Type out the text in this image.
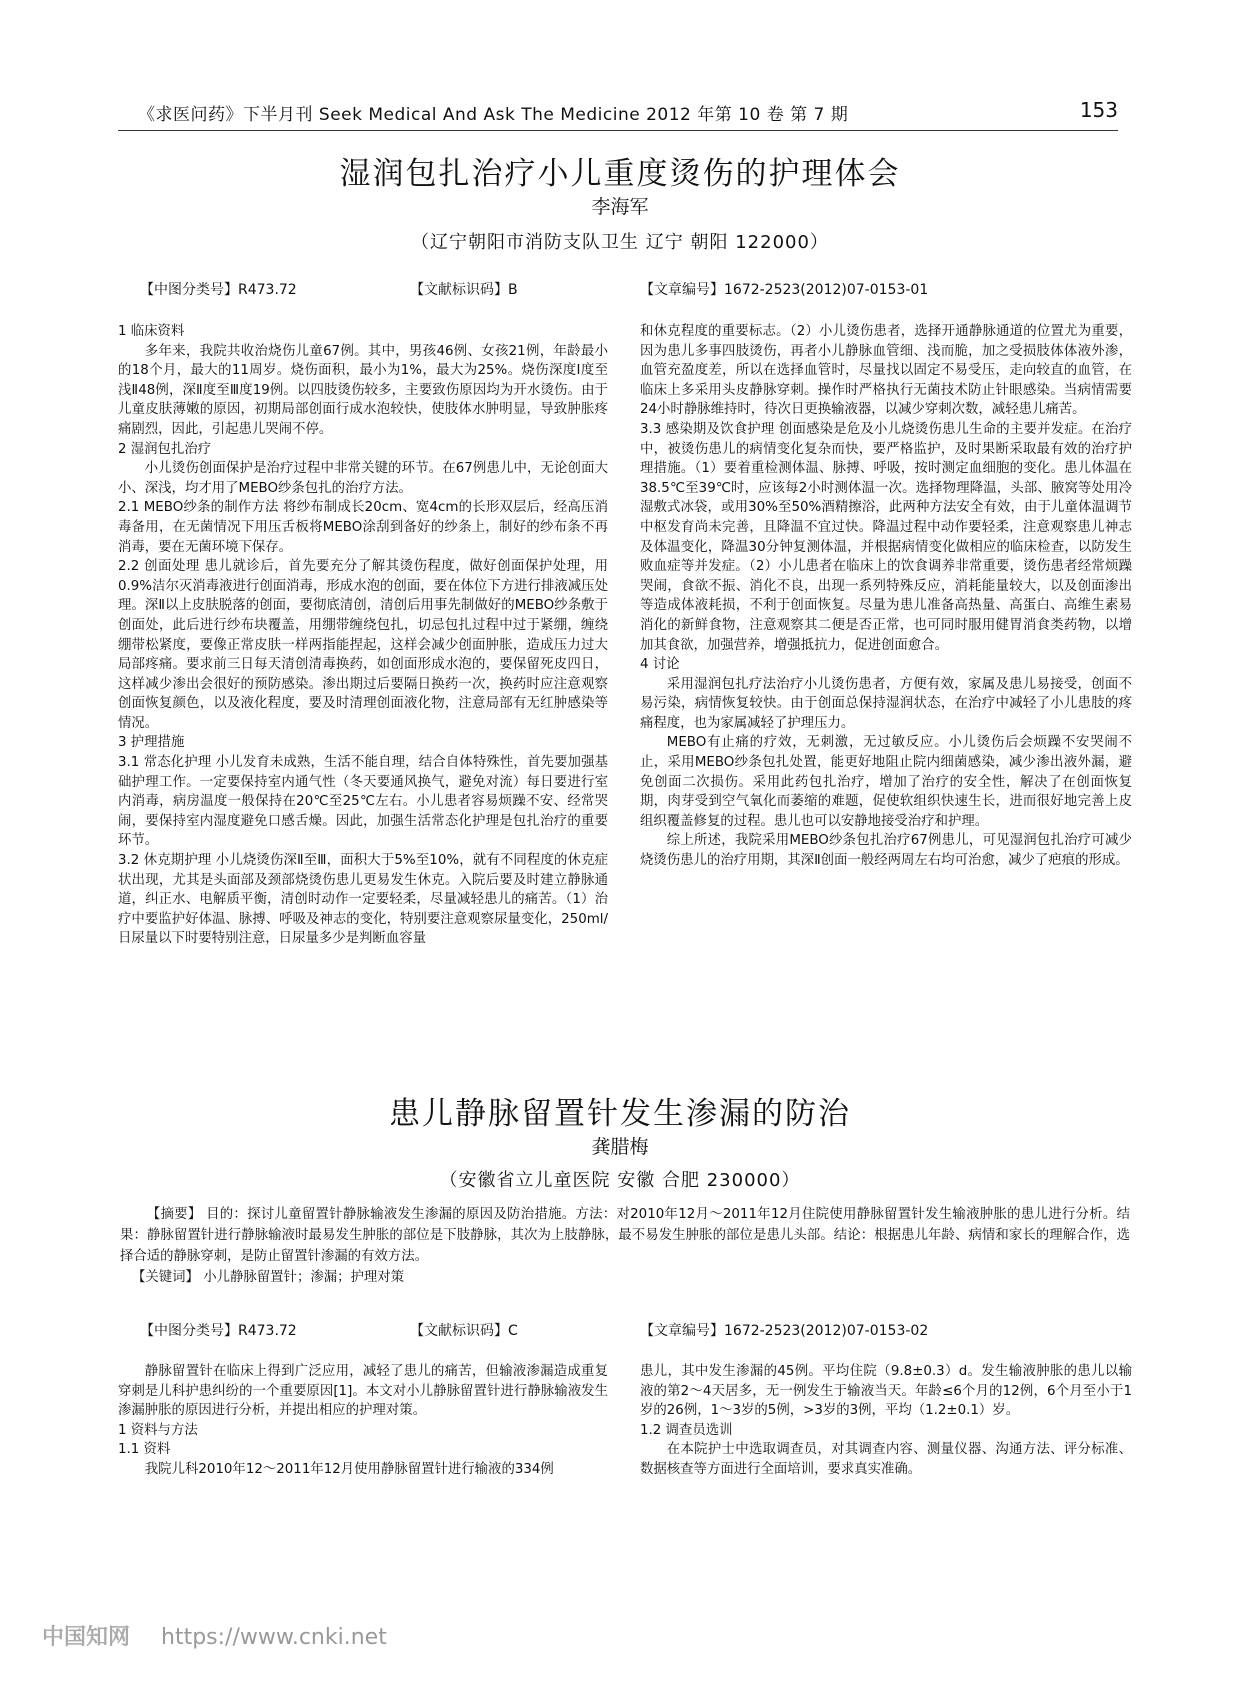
《求医问药》下半月刊 Seek Medical And Ask The Medicine 2012 年第 10 卷 第 7 期	153
湿润包扎治疗小儿重度烫伤的护理体会
李海军
（辽宁朝阳市消防支队卫生 辽宁 朝阳 122000）
【中图分类号】R473.72	【文献标识码】B	【文章编号】1672-2523(2012)07-0153-01

1 临床资料

多年来，我院共收治烧伤儿童67例。其中，男孩46例、女孩21例，年龄最小的18个月，最大的11周岁。烧伤面积，最小为1%，最大为25%。烧伤深度Ⅰ度至浅Ⅱ48例，深Ⅱ度至Ⅲ度19例。以四肢烫伤较多，主要致伤原因均为开水烫伤。由于儿童皮肤薄嫩的原因，初期局部创面行成水泡较快，使肢体水肿明显，导致肿胀疼痛剧烈，因此，引起患儿哭闹不停。

2 湿润包扎治疗

小儿烫伤创面保护是治疗过程中非常关键的环节。在67例患儿中，无论创面大小、深浅，均才用了MEBO纱条包扎的治疗方法。

2.1 MEBO纱条的制作方法 将纱布制成长20cm、宽4cm的长形双层后，经高压消毒备用，在无菌情况下用压舌板将MEBO涂刮到备好的纱条上，制好的纱布条不再消毒，要在无菌环境下保存。

2.2 创面处理 患儿就诊后，首先要充分了解其烫伤程度，做好创面保护处理，用0.9%洁尔灭消毒液进行创面消毒，形成水泡的创面，要在体位下方进行排液减压处理。深Ⅱ以上皮肤脱落的创面，要彻底清创，清创后用事先制做好的MEBO纱条敷于创面处，此后进行纱布块覆盖，用绷带缠绕包扎，切忌包扎过程中过于紧绷，缠绕绷带松紧度，要像正常皮肤一样两指能捏起，这样会减少创面肿胀，造成压力过大局部疼痛。要求前三日每天清创清毒换药，如创面形成水泡的，要保留死皮四日，这样减少渗出会很好的预防感染。渗出期过后要隔日换药一次，换药时应注意观察创面恢复颜色，以及液化程度，要及时清理创面液化物，注意局部有无红肿感染等情况。

3 护理措施

3.1 常态化护理 小儿发育未成熟，生活不能自理，结合自体特殊性，首先要加强基础护理工作。一定要保持室内通气性（冬天要通风换气，避免对流）每日要进行室内消毒，病房温度一般保持在20℃至25℃左右。小儿患者容易烦躁不安、经常哭闹，要保持室内湿度避免口感舌燥。因此，加强生活常态化护理是包扎治疗的重要环节。

3.2 休克期护理 小儿烧烫伤深Ⅱ至Ⅲ，面积大于5%至10%，就有不同程度的休克症状出现，尤其是头面部及颈部烧烫伤患儿更易发生休克。入院后要及时建立静脉通道，纠正水、电解质平衡，清创时动作一定要轻柔，尽量减轻患儿的痛苦。（1）治疗中要监护好体温、脉搏、呼吸及神志的变化，特别要注意观察尿量变化，250ml/日尿量以下时要特别注意，日尿量多少是判断血容量

和休克程度的重要标志。（2）小儿烫伤患者，选择开通静脉通道的位置尤为重要，因为患儿多事四肢烫伤，再者小儿静脉血管细、浅而脆，加之受损肢体体液外渗，血管充盈度差，所以在选择血管时，尽量找以固定不易受压，走向较直的血管，在临床上多采用头皮静脉穿刺。操作时严格执行无菌技术防止针眼感染。当病情需要24小时静脉维持时，待次日更换输液器，以减少穿刺次数，减轻患儿痛苦。

3.3 感染期及饮食护理 创面感染是危及小儿烧烫伤患儿生命的主要并发症。在治疗中，被烫伤患儿的病情变化复杂而快，要严格监护，及时果断采取最有效的治疗护理措施。（1）要着重检测体温、脉搏、呼吸，按时测定血细胞的变化。患儿体温在38.5℃至39℃时，应该每2小时测体温一次。选择物理降温，头部、腋窝等处用冷湿敷式冰袋，或用30%至50%酒精擦浴，此两种方法安全有效，由于儿童体温调节中枢发育尚未完善，且降温不宜过快。降温过程中动作要轻柔，注意观察患儿神志及体温变化，降温30分钟复测体温，并根据病情变化做相应的临床检查，以防发生败血症等并发症。（2）小儿患者在临床上的饮食调养非常重要，烫伤患者经常烦躁哭闹，食欲不振、消化不良，出现一系列特殊反应，消耗能量较大，以及创面渗出等造成体液耗损，不利于创面恢复。尽量为患儿准备高热量、高蛋白、高维生素易消化的新鲜食物，注意观察其二便是否正常，也可同时服用健胃消食类药物，以增加其食欲，加强营养，增强抵抗力，促进创面愈合。

4 讨论

采用湿润包扎疗法治疗小儿烫伤患者，方便有效，家属及患儿易接受，创面不易污染，病情恢复较快。由于创面总保持湿润状态，在治疗中减轻了小儿患肢的疼痛程度，也为家属减轻了护理压力。

MEBO有止痛的疗效，无刺激，无过敏反应。小儿烫伤后会烦躁不安哭闹不止，采用MEBO纱条包扎处置，能更好地阻止院内细菌感染，减少渗出液外漏，避免创面二次损伤。采用此药包扎治疗，增加了治疗的安全性，解决了在创面恢复期，肉芽受到空气氧化而萎缩的难题，促使软组织快速生长，进而很好地完善上皮组织覆盖修复的过程。患儿也可以安静地接受治疗和护理。

综上所述，我院采用MEBO纱条包扎治疗67例患儿，可见湿润包扎治疗可减少烧烫伤患儿的治疗用期，其深Ⅱ创面一般经两周左右均可治愈，减少了疤痕的形成。

患儿静脉留置针发生渗漏的防治
龚腊梅
（安徽省立儿童医院 安徽 合肥 230000）

【摘要】 目的：探讨儿童留置针静脉输液发生渗漏的原因及防治措施。方法：对2010年12月～2011年12月住院使用静脉留置针发生输液肿胀的患儿进行分析。结果：静脉留置针进行静脉输液时最易发生肿胀的部位是下肢静脉，其次为上肢静脉，最不易发生肿胀的部位是患儿头部。结论：根据患儿年龄、病情和家长的理解合作，选择合适的静脉穿刺，是防止留置针渗漏的有效方法。

【关键词】 小儿静脉留置针；渗漏；护理对策

【中图分类号】R473.72	【文献标识码】C	【文章编号】1672-2523(2012)07-0153-02

静脉留置针在临床上得到广泛应用，减轻了患儿的痛苦，但输液渗漏造成重复穿刺是儿科护患纠纷的一个重要原因[1]。本文对小儿静脉留置针进行静脉输液发生渗漏肿胀的原因进行分析，并提出相应的护理对策。

1 资料与方法

1.1 资料

我院儿科2010年12～2011年12月使用静脉留置针进行输液的334例

患儿，其中发生渗漏的45例。平均住院（9.8±0.3）d。发生输液肿胀的患儿以输液的第2～4天居多，无一例发生于输液当天。年龄≤6个月的12例，6个月至小于1岁的26例，1～3岁的5例，>3岁的3例，平均（1.2±0.1）岁。

1.2 调查员选训

在本院护士中选取调查员，对其调查内容、测量仪器、沟通方法、评分标准、数据核查等方面进行全面培训，要求真实准确。

中国知网 https://www.cnki.net
